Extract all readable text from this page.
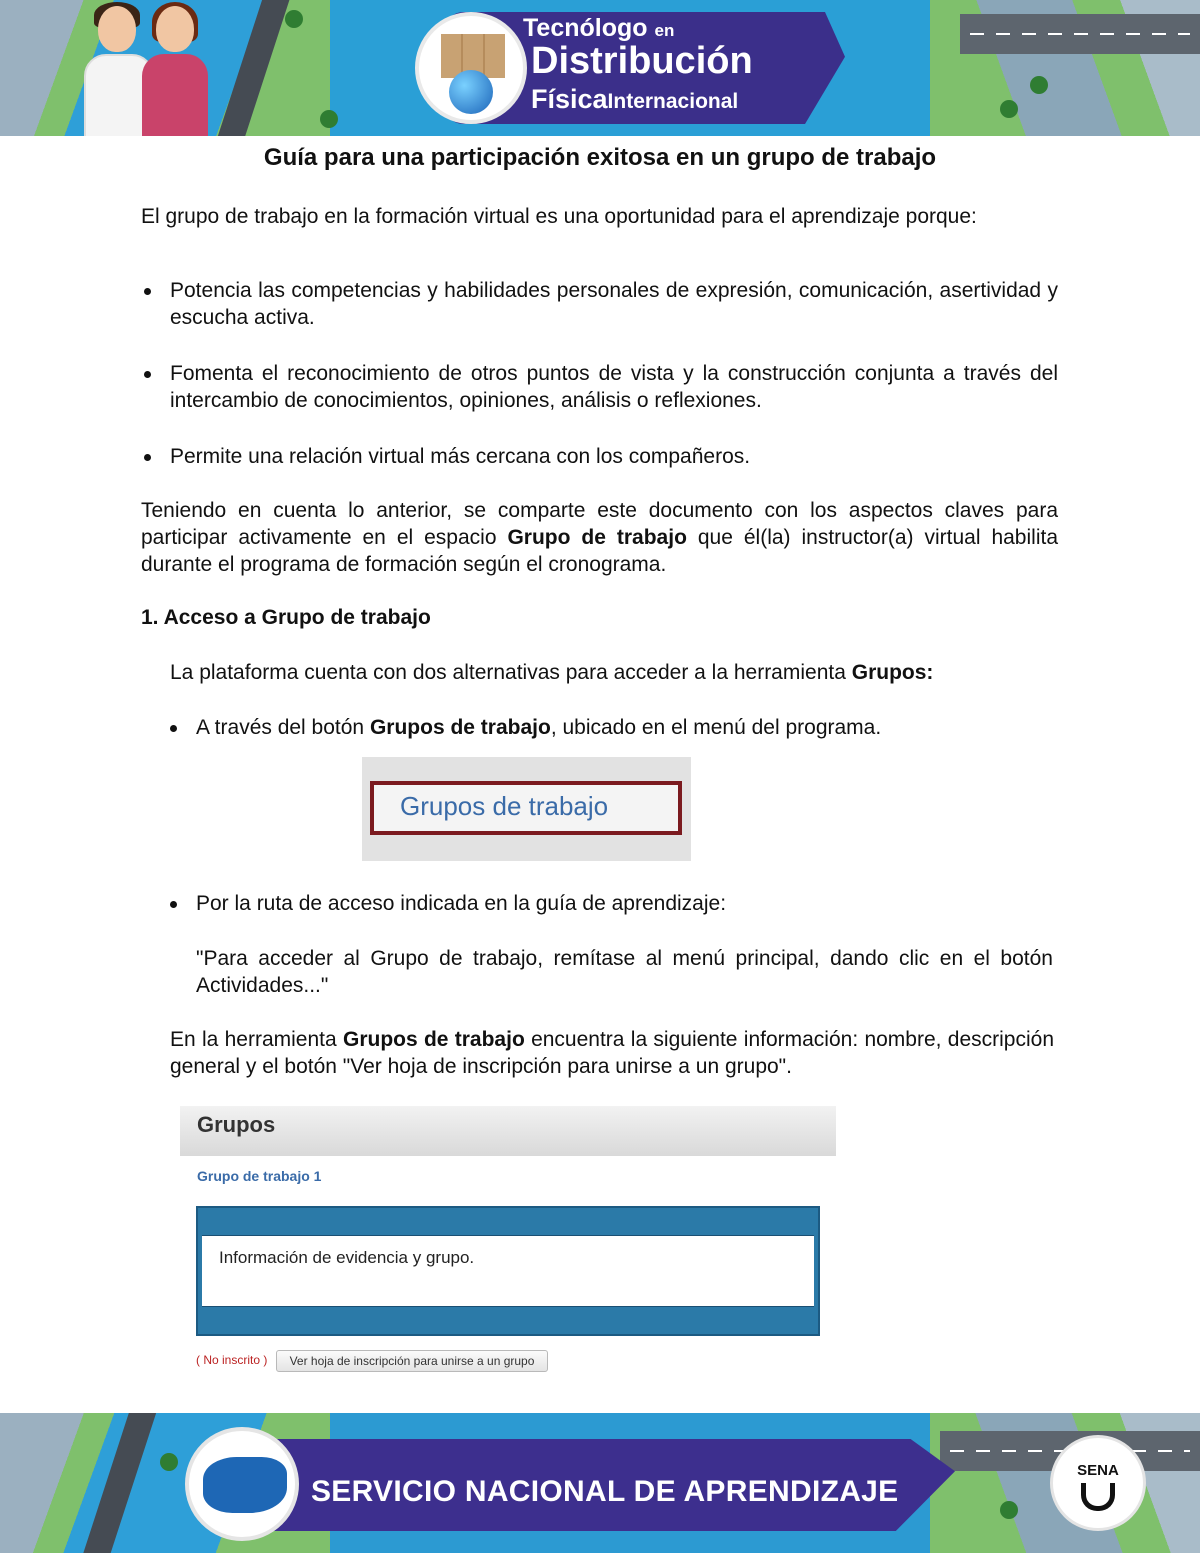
Tecnólogo en
Distribución
FísicaInternacional
Guía para una participación exitosa en un grupo de trabajo
El grupo de trabajo en la formación virtual es una oportunidad para el aprendizaje porque:
Potencia las competencias y habilidades personales de expresión, comunicación, asertividad y escucha activa.
Fomenta el reconocimiento de otros puntos de vista y la construcción conjunta a través del intercambio de conocimientos, opiniones, análisis o reflexiones.
Permite una relación virtual más cercana con los compañeros.
Teniendo en cuenta lo anterior, se comparte este documento con los aspectos claves para participar activamente en el espacio Grupo de trabajo que él(la) instructor(a) virtual habilita durante el programa de formación según el cronograma.
1. Acceso a Grupo de trabajo
La plataforma cuenta con dos alternativas para acceder a la herramienta Grupos:
A través del botón Grupos de trabajo, ubicado en el menú del programa.
Grupos de trabajo
Por la ruta de acceso indicada en la guía de aprendizaje:
"Para acceder al Grupo de trabajo, remítase al menú principal, dando clic en el botón Actividades..."
En la herramienta Grupos de trabajo encuentra la siguiente información: nombre, descripción general y el botón "Ver hoja de inscripción para unirse a un grupo".
Grupos
Grupo de trabajo 1
Información de evidencia y grupo.
( No inscrito )	Ver hoja de inscripción para unirse a un grupo
SERVICIO NACIONAL DE APRENDIZAJE
SENA
